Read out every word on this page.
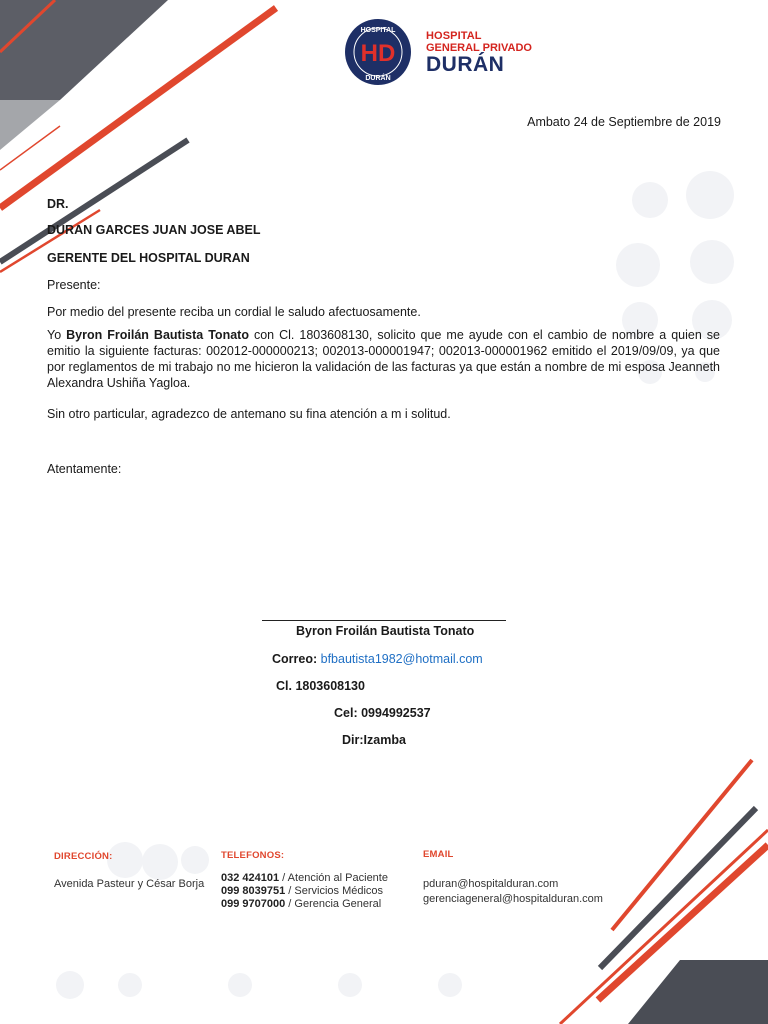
HOSPITAL
DURÁN
HD
HOSPITAL
GENERAL PRIVADO
DURÁN
Ambato 24 de Septiembre de 2019
DR.
DURAN GARCES JUAN JOSE ABEL
GERENTE DEL HOSPITAL DURAN
Presente:
Por medio del presente reciba un cordial le saludo afectuosamente.
Yo Byron Froilán Bautista Tonato con Cl. 1803608130, solicito que me ayude con el cambio de nombre a quien se emitio la siguiente facturas: 002012-000000213; 002013-000001947; 002013-000001962 emitido el 2019/09/09, ya que por reglamentos de mi trabajo no me hicieron la validación de las facturas ya que están a nombre de mi esposa Jeanneth Alexandra Ushiña Yagloa.
Sin otro particular, agradezco de antemano su fina atención a m i solitud.
Atentamente:
Byron Froilán Bautista Tonato
Correo: bfbautista1982@hotmail.com
Cl. 1803608130
Cel: 0994992537
Dir:Izamba
DIRECCIÓN:
Avenida Pasteur y César Borja
TELEFONOS:
032 424101 / Atención al Paciente
099 8039751 / Servicios Médicos
099 9707000 / Gerencia General
EMAIL
pduran@hospitalduran.com
gerenciageneral@hospitalduran.com
